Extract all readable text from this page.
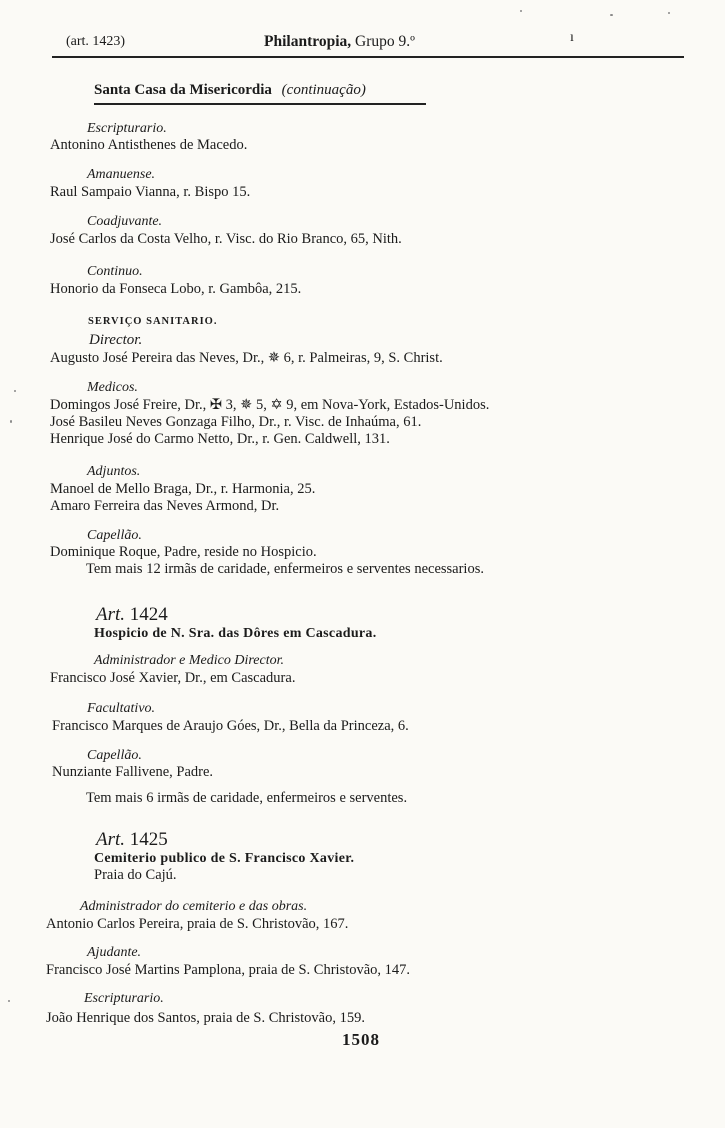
(art. 1423)	Philantropia, Grupo 9.º	ı
Santa Casa da Misericordia (continuação)
Escripturario.
Antonino Antisthenes de Macedo.
Amanuense.
Raul Sampaio Vianna, r. Bispo 15.
Coadjuvante.
José Carlos da Costa Velho, r. Visc. do Rio Branco, 65, Nith.
Continuo.
Honorio da Fonseca Lobo, r. Gambôa, 215.
SERVIÇO SANITARIO.
Director.
Augusto José Pereira das Neves, Dr., ✵ 6, r. Palmeiras, 9, S. Christ.
Medicos.
Domingos José Freire, Dr., ✠ 3, ✵ 5, ✡ 9, em Nova-York, Estados-Unidos.
José Basileu Neves Gonzaga Filho, Dr., r. Visc. de Inhaúma, 61.
Henrique José do Carmo Netto, Dr., r. Gen. Caldwell, 131.
Adjuntos.
Manoel de Mello Braga, Dr., r. Harmonia, 25.
Amaro Ferreira das Neves Armond, Dr.
Capellão.
Dominique Roque, Padre, reside no Hospicio.
Tem mais 12 irmãs de caridade, enfermeiros e serventes necessarios.
Art. 1424
Hospicio de N. Sra. das Dôres em Cascadura.
Administrador e Medico Director.
Francisco José Xavier, Dr., em Cascadura.
Facultativo.
Francisco Marques de Araujo Góes, Dr., Bella da Princeza, 6.
Capellão.
Nunziante Fallivene, Padre.
Tem mais 6 irmãs de caridade, enfermeiros e serventes.
Art. 1425
Cemiterio publico de S. Francisco Xavier.
Praia do Cajú.
Administrador do cemiterio e das obras.
Antonio Carlos Pereira, praia de S. Christovão, 167.
Ajudante.
Francisco José Martins Pamplona, praia de S. Christovão, 147.
Escripturario.
João Henrique dos Santos, praia de S. Christovão, 159.
1508
